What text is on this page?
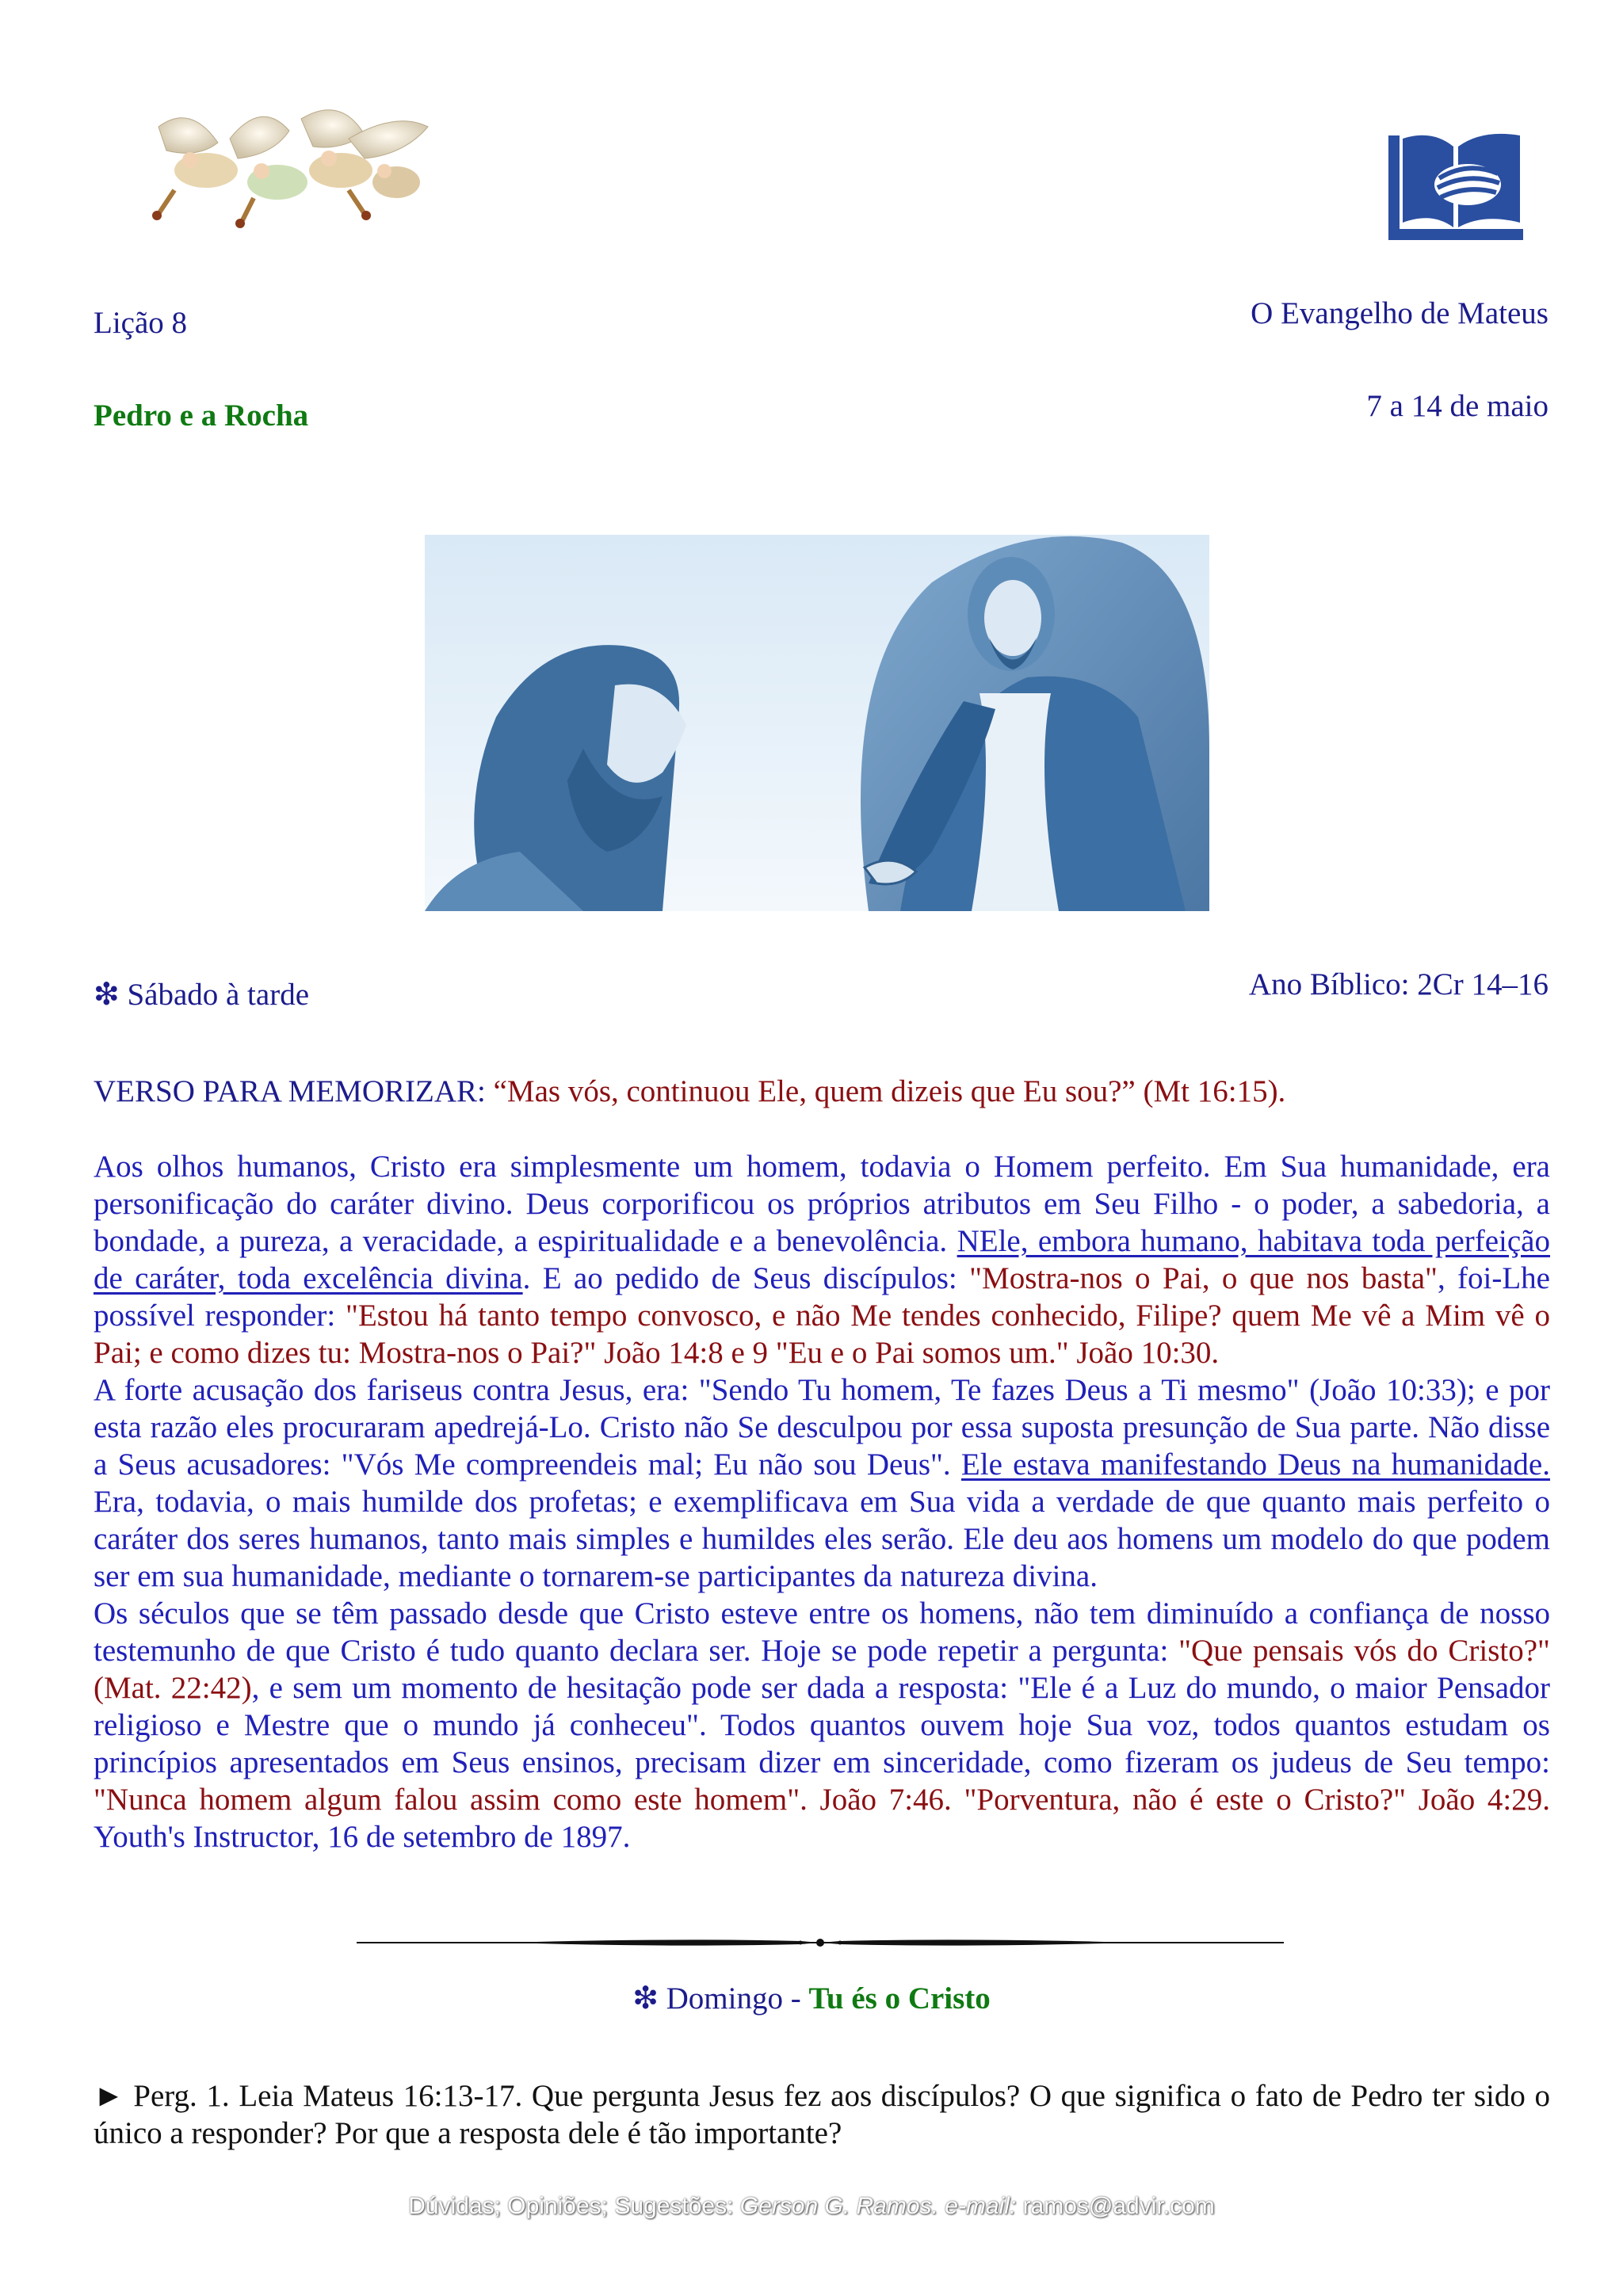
Lição 8	O Evangelho de Mateus
Pedro e a Rocha	7 a 14 de maio
❇ Sábado à tarde	Ano Bíblico: 2Cr 14–16
VERSO PARA MEMORIZAR: “Mas vós, continuou Ele, quem dizeis que Eu sou?” (Mt 16:15).
Aos olhos humanos, Cristo era simplesmente um homem, todavia o Homem perfeito. Em Sua humanidade, era personificação do caráter divino. Deus corporificou os próprios atributos em Seu Filho - o poder, a sabedoria, a bondade, a pureza, a veracidade, a espiritualidade e a benevolência. NEle, embora humano, habitava toda perfeição de caráter, toda excelência divina. E ao pedido de Seus discípulos: "Mostra-nos o Pai, o que nos basta", foi-Lhe possível responder: "Estou há tanto tempo convosco, e não Me tendes conhecido, Filipe? quem Me vê a Mim vê o Pai; e como dizes tu: Mostra-nos o Pai?" João 14:8 e 9 "Eu e o Pai somos um." João 10:30.
A forte acusação dos fariseus contra Jesus, era: "Sendo Tu homem, Te fazes Deus a Ti mesmo" (João 10:33); e por esta razão eles procuraram apedrejá-Lo. Cristo não Se desculpou por essa suposta presunção de Sua parte. Não disse a Seus acusadores: "Vós Me compreendeis mal; Eu não sou Deus". Ele estava manifestando Deus na humanidade. Era, todavia, o mais humilde dos profetas; e exemplificava em Sua vida a verdade de que quanto mais perfeito o caráter dos seres humanos, tanto mais simples e humildes eles serão. Ele deu aos homens um modelo do que podem ser em sua humanidade, mediante o tornarem-se participantes da natureza divina.
Os séculos que se têm passado desde que Cristo esteve entre os homens, não tem diminuído a confiança de nosso testemunho de que Cristo é tudo quanto declara ser. Hoje se pode repetir a pergunta: "Que pensais vós do Cristo?" (Mat. 22:42), e sem um momento de hesitação pode ser dada a resposta: "Ele é a Luz do mundo, o maior Pensador religioso e Mestre que o mundo já conheceu". Todos quantos ouvem hoje Sua voz, todos quantos estudam os princípios apresentados em Seus ensinos, precisam dizer em sinceridade, como fizeram os judeus de Seu tempo: "Nunca homem algum falou assim como este homem". João 7:46. "Porventura, não é este o Cristo?" João 4:29. Youth's Instructor, 16 de setembro de 1897.
❇ Domingo - Tu és o Cristo
► Perg. 1. Leia Mateus 16:13-17. Que pergunta Jesus fez aos discípulos? O que significa o fato de Pedro ter sido o único a responder? Por que a resposta dele é tão importante?
Dúvidas; Opiniões; Sugestões: Gerson G. Ramos. e-mail: ramos@advir.com
